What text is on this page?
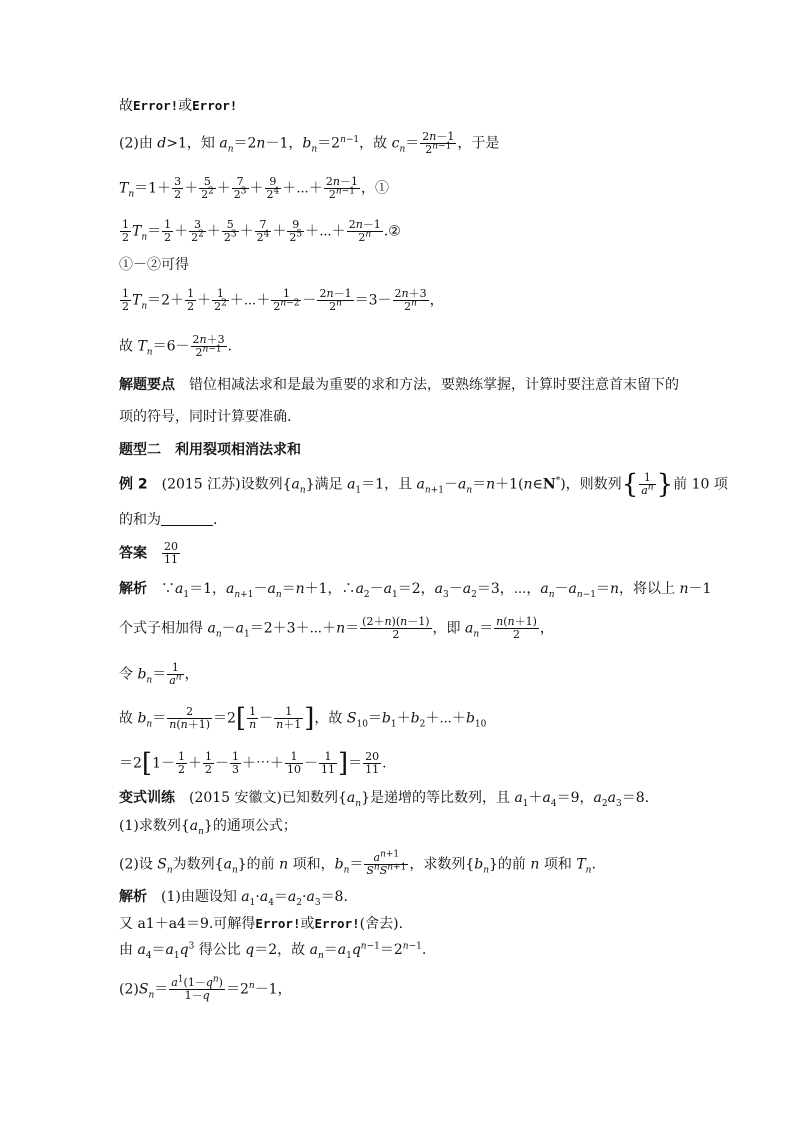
故Error!或Error!
(2)由 d>1，知 $a_n=2n-1$，$b_n=2^{n-1}$，故 $c_n= \frac{2n-1}{2^{n-1}}$ ，于是
$T_n=1+ \frac{3}{2} + \frac{5}{2^2} + \frac{7}{2^3} + \frac{9}{2^4}$ ＋⋯＋ $\frac{2n-1}{2^{n-1}}$ ，①
$\frac{1}{2} T_n= \frac{1}{2} + \frac{3}{2^2} + \frac{5}{2^3} + \frac{7}{2^4} + \frac{9}{2^5}$ ＋⋯＋ $\frac{2n-1}{2^n}$ .②
①－②可得
$\frac{1}{2} T_n=2+ \frac{1}{2} + \frac{1}{2^2}$ ＋⋯＋ $\frac{1}{2^{n-2}} - \frac{2n-1}{2^n} =3- \frac{2n+3}{2^n}$ ，
故 $T_n=6- \frac{2n+3}{2^{n-1}}$ .
解题要点　 错位相减法求和是最为重要的求和方法，要熟练掌握，计算时要注意首末留下的
项的符号，同时计算要准确.
题型二　利用裂项相消法求和
例 2　(2015 江苏)设数列$\{a_n\}$满足 $a_1=1$，且 $a_{n+1}-a_n=n+1(n\in N^*)$，则数列{ $\frac{1}{a^n}$ }前 10 项
的和为	.
答案　 $\frac{20}{11}$
解析　$\because a_1=1$，$a_{n+1}-a_n=n+1$，$\therefore a_2-a_1=2$，$a_3-a_2=3$，⋯，$a_n-a_{n-1}=n$，将以上 n－1
个式子相加得 $a_n-a_1=2+3+\cdots+n= \frac{(2+n)(n-1)}{2}$ ，即 $a_n= \frac{n(n+1)}{2}$ ，
令 $b_n= \frac{1}{a^n}$ ，
故 $b_n= \frac{2}{n(n+1)} =2[ \frac{1}{n} - \frac{1}{n+1}$ ]，故 $S_{10}=b_1+b_2+\cdots+b_{10}$
$=2[1- \frac{1}{2} + \frac{1}{2} - \frac{1}{3}$ ＋⋯＋ $\frac{1}{10} - \frac{1}{11}$ ]＝ $\frac{20}{11}$ .
变式训练　(2015 安徽文)已知数列$\{a_n\}$是递增的等比数列，且 $a_1+a_4=9$，$a_2a_3=8$.
(1)求数列$\{a_n\}$的通项公式；
(2)设 $S_n$为数列$\{a_n\}$的前 n 项和，$b_n= \frac{a^{n+1}}{S^nS^{n+1}}$ ，求数列$\{b_n\}$的前 n 项和 $T_n$.
解析　(1)由题设知 $a_1\cdot a_4=a_2\cdot a_3=8$.
又 a1＋a4＝9.可解得Error!或Error!(舍去).
由 $a_4=a_1q^3$ 得公比 q＝2，故 $a_n=a_1q^{n-1}=2^{n-1}$.
$(2)S_n= \frac{a^1(1-q^n)}{1-q} =2^n-1$，
